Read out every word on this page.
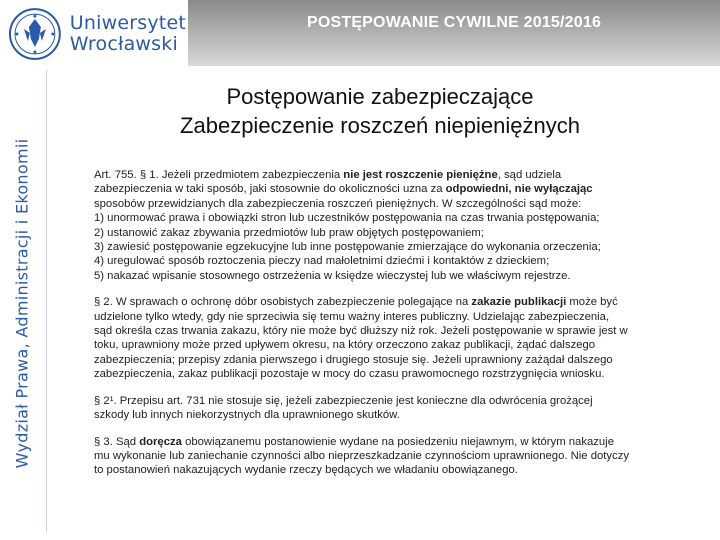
Uniwersytet
Wrocławski
POSTĘPOWANIE CYWILNE 2015/2016
Wydział Prawa, Administracji i Ekonomii
Postępowanie zabezpieczające
Zabezpieczenie roszczeń niepieniężnych

Art. 755. § 1. Jeżeli przedmiotem zabezpieczenia nie jest roszczenie pieniężne, sąd udziela
zabezpieczenia w taki sposób, jaki stosownie do okoliczności uzna za odpowiedni, nie wyłączając
sposobów przewidzianych dla zabezpieczenia roszczeń pieniężnych. W szczególności sąd może:
1) unormować prawa i obowiązki stron lub uczestników postępowania na czas trwania postępowania;
2) ustanowić zakaz zbywania przedmiotów lub praw objętych postępowaniem;
3) zawiesić postępowanie egzekucyjne lub inne postępowanie zmierzające do wykonania orzeczenia;
4) uregulować sposób roztoczenia pieczy nad małoletnimi dziećmi i kontaktów z dzieckiem;
5) nakazać wpisanie stosownego ostrzeżenia w księdze wieczystej lub we właściwym rejestrze.

§ 2. W sprawach o ochronę dóbr osobistych zabezpieczenie polegające na zakazie publikacji może być
udzielone tylko wtedy, gdy nie sprzeciwia się temu ważny interes publiczny. Udzielając zabezpieczenia,
sąd określa czas trwania zakazu, który nie może być dłuższy niż rok. Jeżeli postępowanie w sprawie jest w
toku, uprawniony może przed upływem okresu, na który orzeczono zakaz publikacji, żądać dalszego
zabezpieczenia; przepisy zdania pierwszego i drugiego stosuje się. Jeżeli uprawniony zażądał dalszego
zabezpieczenia, zakaz publikacji pozostaje w mocy do czasu prawomocnego rozstrzygnięcia wniosku.

§ 2¹. Przepisu art. 731 nie stosuje się, jeżeli zabezpieczenie jest konieczne dla odwrócenia grożącej
szkody lub innych niekorzystnych dla uprawnionego skutków.

§ 3. Sąd doręcza obowiązanemu postanowienie wydane na posiedzeniu niejawnym, w którym nakazuje
mu wykonanie lub zaniechanie czynności albo nieprzeszkadzanie czynnościom uprawnionego. Nie dotyczy
to postanowień nakazujących wydanie rzeczy będących we władaniu obowiązanego.
